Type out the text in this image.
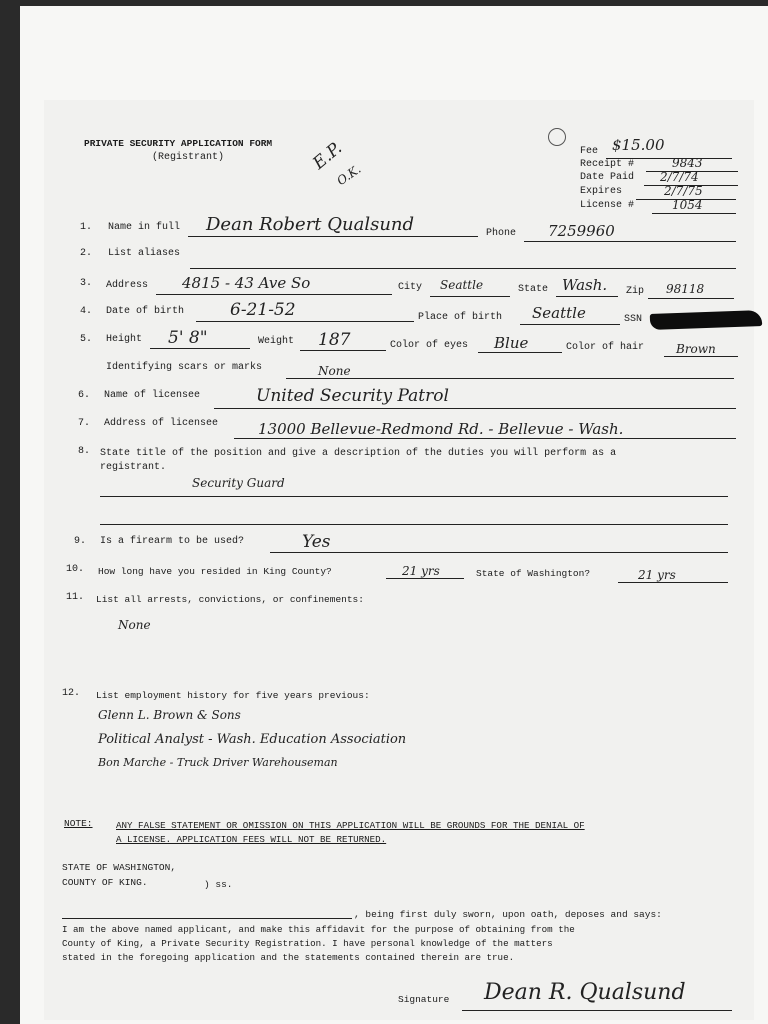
PRIVATE SECURITY APPLICATION FORM
(Registrant)	E.P.
O.K.
Fee $15.00
Receipt #	9843
Date Paid 2/7/74
Expires	2/7/75
License #	1054
1. Name in full Dean Robert Qualsund	Phone 7259960
2. List aliases
3. Address 4815 - 43 Ave So	City Seattle	State Wash. Zip 98118
4. Date of birth	6-21-52	Place of birth Seattle	SSN
5. Height 5' 8"	Weight 187	Color of eyes Blue	Color of hair	Brown
Identifying scars or marks	None
6. Name of licensee	United Security Patrol
7. Address of licensee	13000 Bellevue-Redmond Rd. - Bellevue - Wash.
8. State title of the position and give a description of the duties you will perform as a
registrant.
Security Guard
9. Is a firearm to be used?	Yes
10. How long have you resided in King County?	21 yrs	State of Washington?	21 yrs
11. List all arrests, convictions, or confinements:
None
12. List employment history for five years previous:
Glenn L. Brown & Sons
Political Analyst - Wash. Education Association
Bon Marche - Truck Driver Warehouseman
NOTE:	ANY FALSE STATEMENT OR OMISSION ON THIS APPLICATION WILL BE GROUNDS FOR THE DENIAL OF
A LICENSE. APPLICATION FEES WILL NOT BE RETURNED.
STATE OF WASHINGTON,
COUNTY OF KING.	) ss.
, being first duly sworn, upon oath, deposes and says:
I am the above named applicant, and make this affidavit for the purpose of obtaining from the
County of King, a Private Security Registration. I have personal knowledge of the matters
stated in the foregoing application and the statements contained therein are true.
Signature Dean R. Qualsund
